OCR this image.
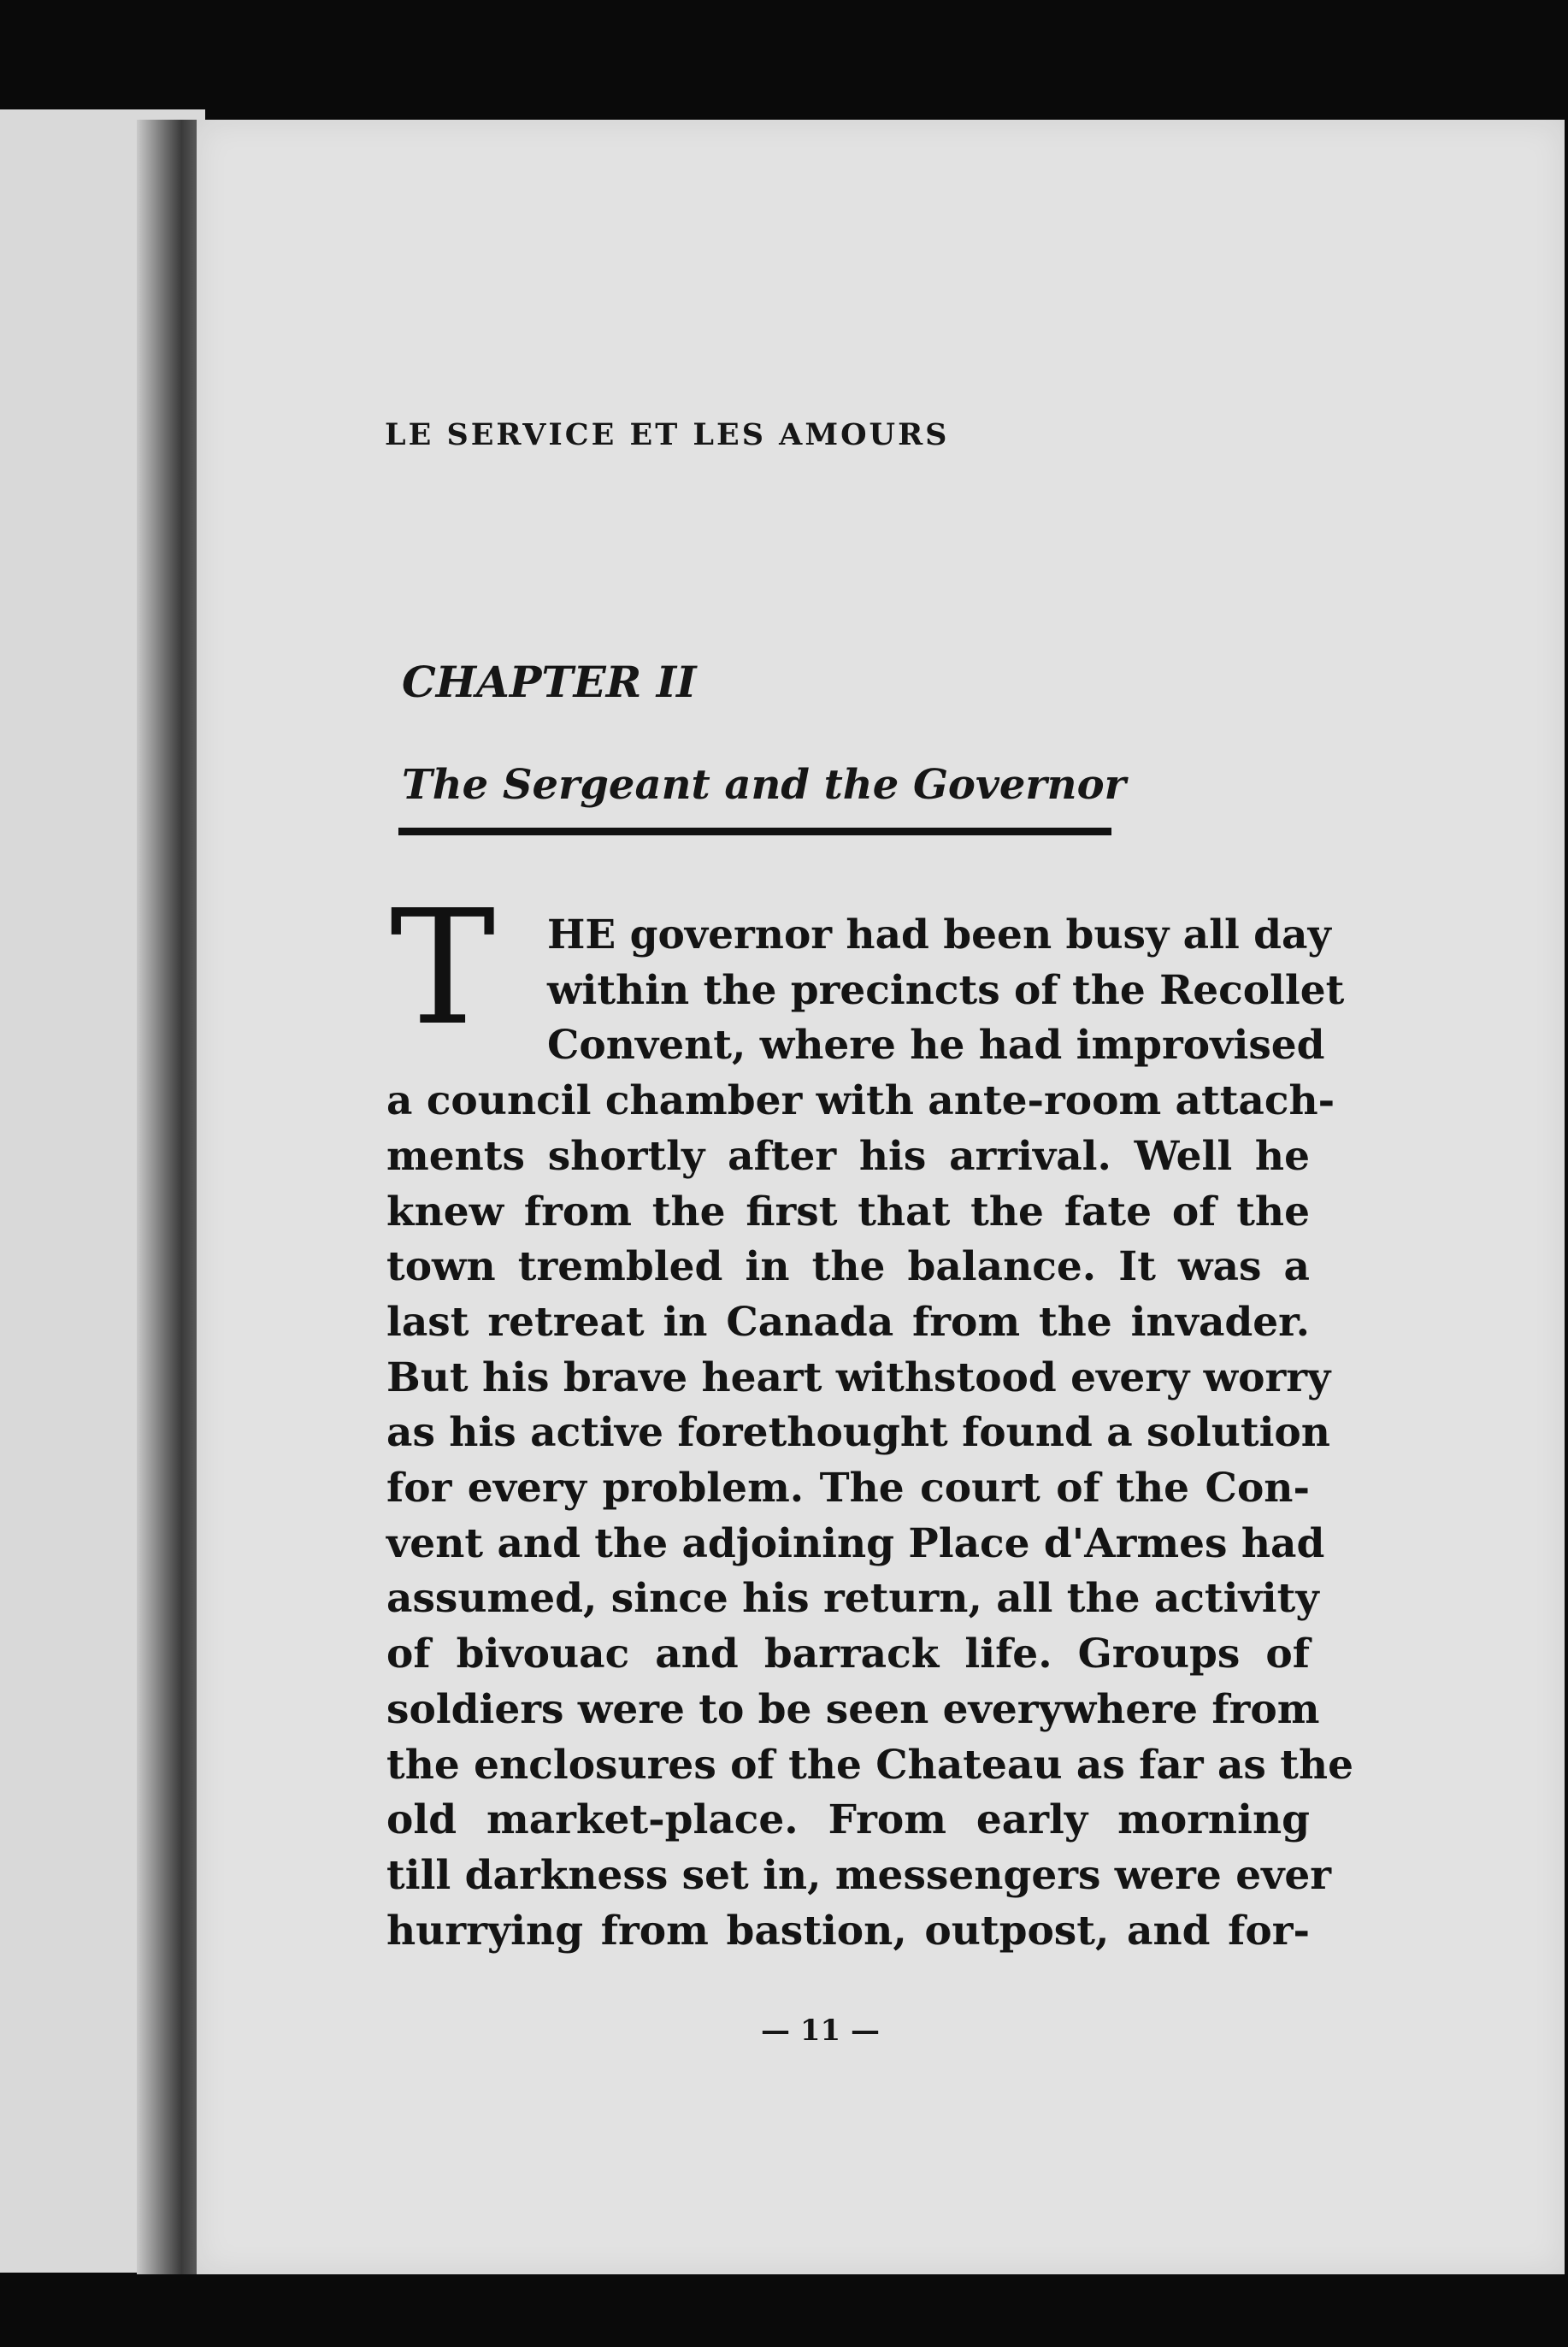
LE SERVICE ET LES AMOURS
CHAPTER II
The Sergeant and the Governor
T	HE governor had been busy all day
within the precincts of the Recollet
Convent, where he had improvised
a council chamber with ante-room attach-
ments shortly after his arrival. Well he
knew from the first that the fate of the
town trembled in the balance. It was a
last retreat in Canada from the invader.
But his brave heart withstood every worry
as his active forethought found a solution
for every problem. The court of the Con-
vent and the adjoining Place d'Armes had
assumed, since his return, all the activity
of bivouac and barrack life. Groups of
soldiers were to be seen everywhere from
the enclosures of the Chateau as far as the
old market-place. From early morning
till darkness set in, messengers were ever
hurrying from bastion, outpost, and for-
— 11 —
